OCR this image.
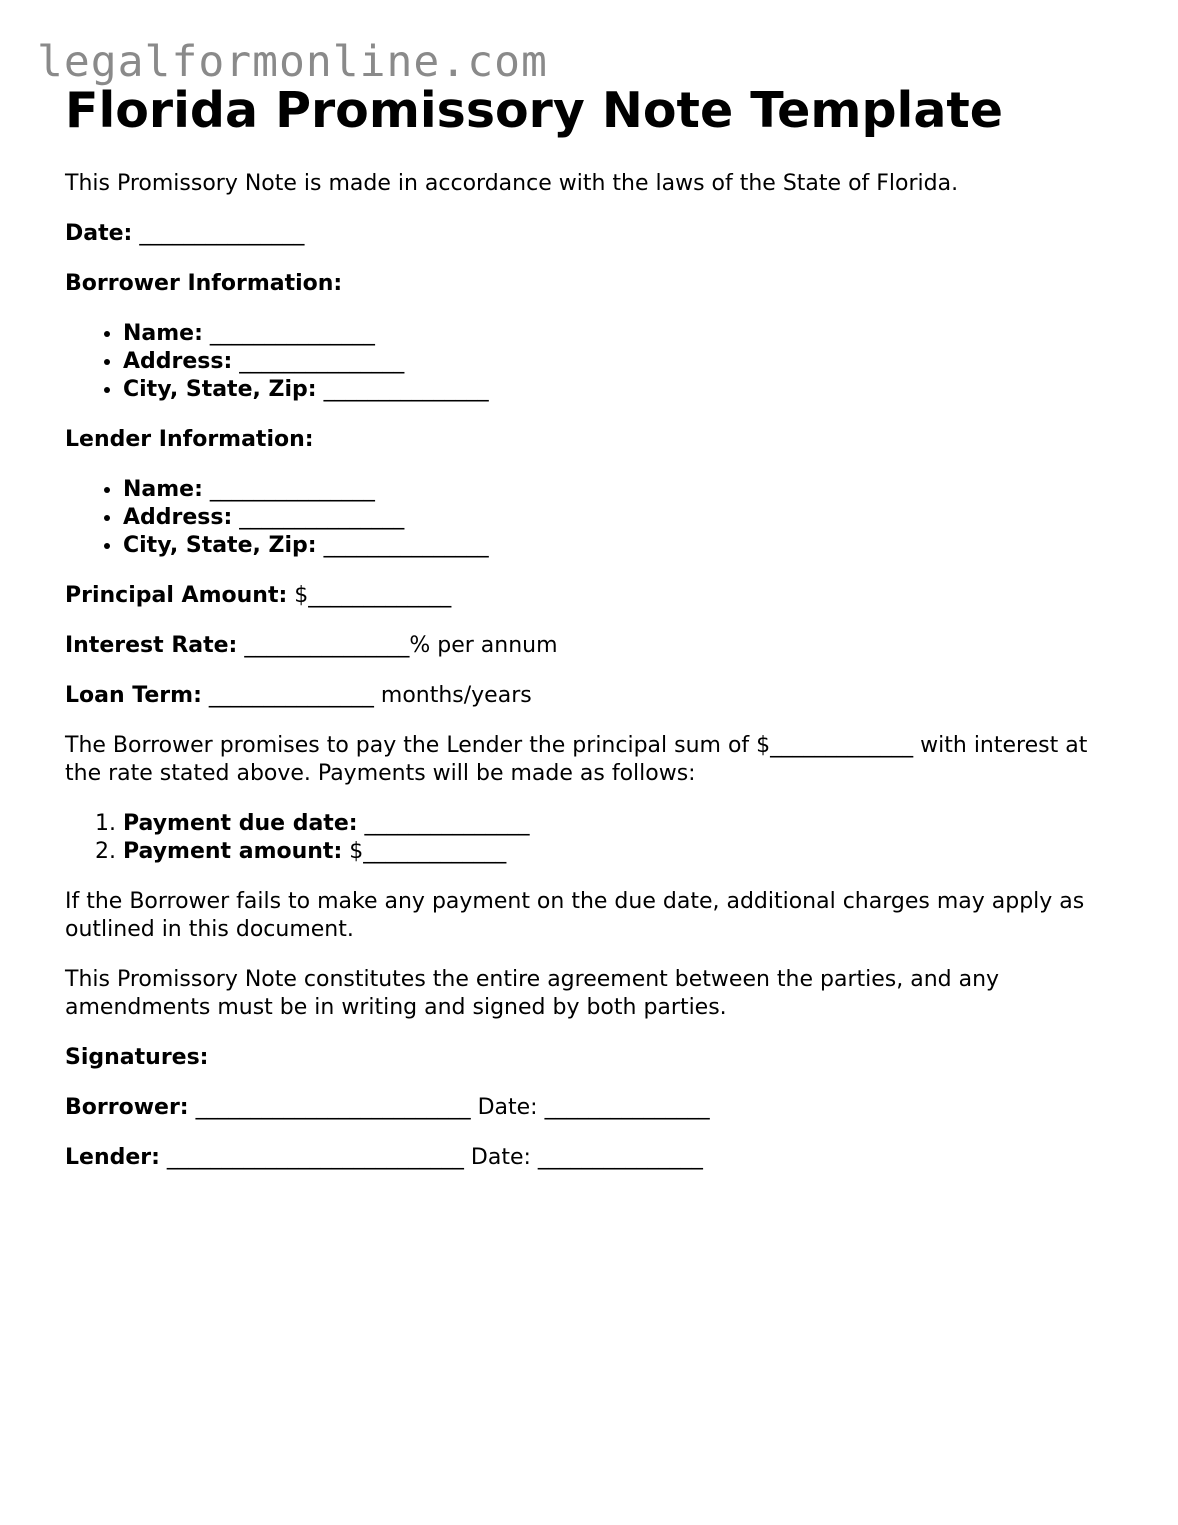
legalformonline.com
Florida Promissory Note Template

This Promissory Note is made in accordance with the laws of the State of Florida.

Date: _______________

Borrower Information:

• Name: _______________
• Address: _______________
• City, State, Zip: _______________

Lender Information:

• Name: _______________
• Address: _______________
• City, State, Zip: _______________

Principal Amount: $_____________

Interest Rate: _______________% per annum

Loan Term: _______________ months/years

The Borrower promises to pay the Lender the principal sum of $_____________ with interest at the rate stated above. Payments will be made as follows:

1. Payment due date: _______________
2. Payment amount: $_____________

If the Borrower fails to make any payment on the due date, additional charges may apply as outlined in this document.

This Promissory Note constitutes the entire agreement between the parties, and any amendments must be in writing and signed by both parties.

Signatures:

Borrower: _________________________ Date: _______________

Lender: ___________________________ Date: _______________
